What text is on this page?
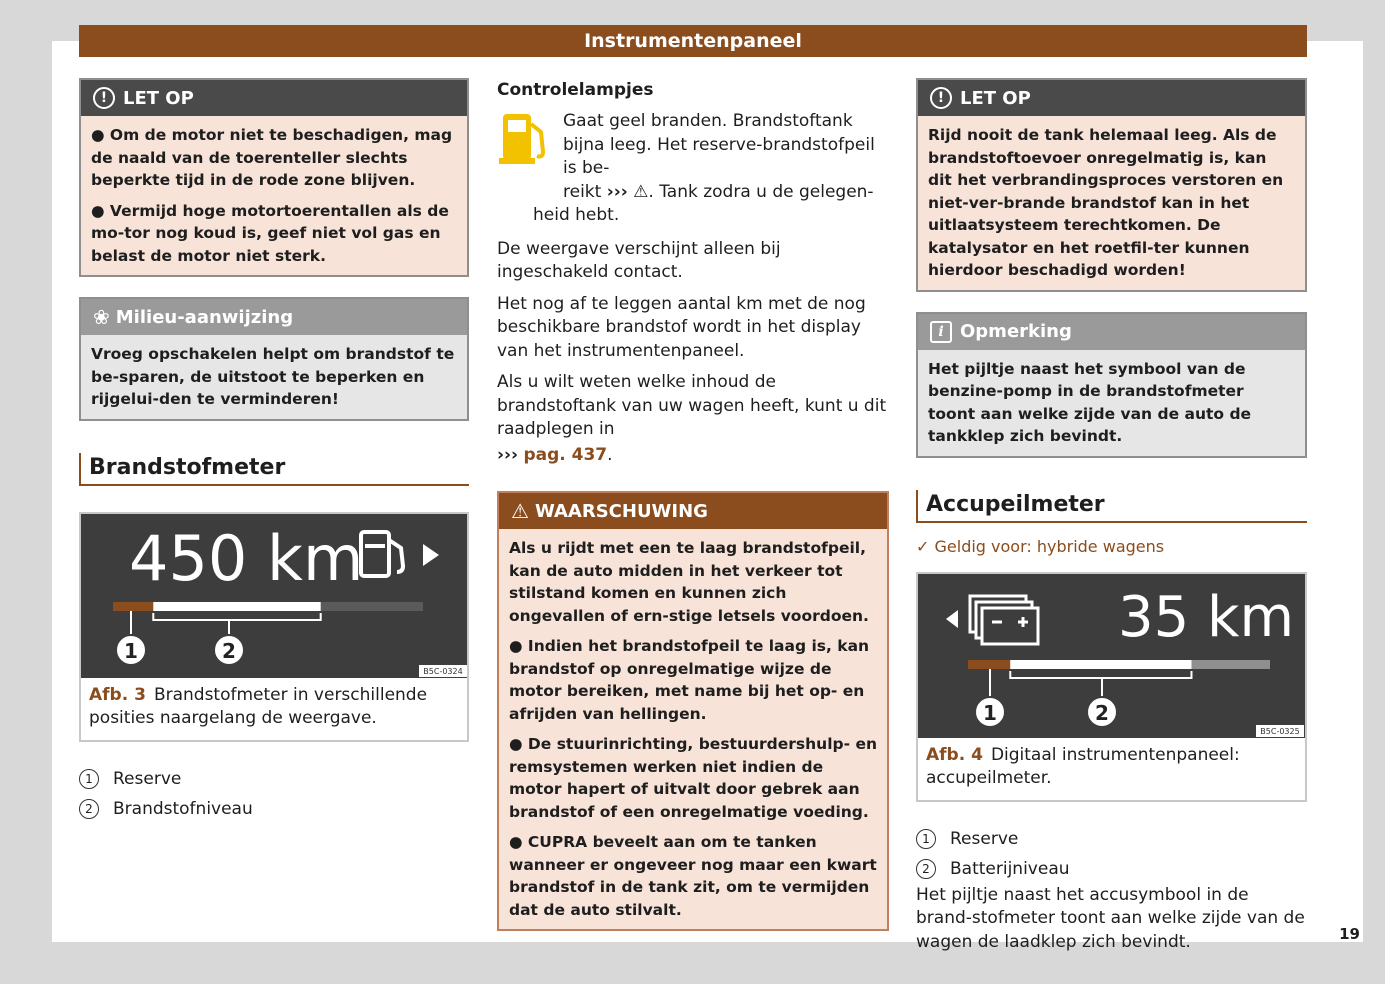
Instrumentenpaneel
! LET OP

● Om de motor niet te beschadigen, mag de naald van de toerenteller slechts beperkte tijd in de rode zone blijven.

● Vermijd hoge motortoerentallen als de mo-tor nog koud is, geef niet vol gas en belast de motor niet sterk.

❀ Milieu-aanwijzing
Vroeg opschakelen helpt om brandstof te be-sparen, de uitstoot te beperken en rijgelui-den te verminderen!
Brandstofmeter
450 km
1	2
B5C-0324
Afb. 3 Brandstofmeter in verschillende posities naargelang de weergave.
1	Reserve
2	Brandstofniveau
Controlelampjes
Gaat geel branden. Brandstoftank bijna leeg. Het reserve-brandstofpeil is be-
reikt ››› ⚠. Tank zodra u de gelegen-

heid hebt.

De weergave verschijnt alleen bij ingeschakeld contact.

Het nog af te leggen aantal km met de nog beschikbare brandstof wordt in het display van het instrumentenpaneel.

Als u wilt weten welke inhoud de brandstoftank van uw wagen heeft, kunt u dit raadplegen in

››› pag. 437.

⚠ WAARSCHUWING

Als u rijdt met een te laag brandstofpeil, kan de auto midden in het verkeer tot stilstand komen en kunnen zich ongevallen of ern-stige letsels voordoen.

● Indien het brandstofpeil te laag is, kan brandstof op onregelmatige wijze de motor bereiken, met name bij het op- en afrijden van hellingen.

● De stuurinrichting, bestuurdershulp- en remsystemen werken niet indien de motor hapert of uitvalt door gebrek aan brandstof of een onregelmatige voeding.

● CUPRA beveelt aan om te tanken wanneer er ongeveer nog maar een kwart brandstof in de tank zit, om te vermijden dat de auto stilvalt.

! LET OP
Rijd nooit de tank helemaal leeg. Als de brandstoftoevoer onregelmatig is, kan dit het verbrandingsproces verstoren en niet-ver-brande brandstof kan in het uitlaatsysteem terechtkomen. De katalysator en het roetfil-ter kunnen hierdoor beschadigd worden!
i Opmerking
Het pijltje naast het symbool van de benzine-pomp in de brandstofmeter toont aan welke zijde van de auto de tankklep zich bevindt.
Accupeilmeter
✓ Geldig voor: hybride wagens
35 km
1	2
B5C-0325
Afb. 4 Digitaal instrumentenpaneel: accupeilmeter.
1	Reserve
2	Batterijniveau
Het pijltje naast het accusymbool in de brand-stofmeter toont aan welke zijde van de wagen de laadklep zich bevindt.	19
